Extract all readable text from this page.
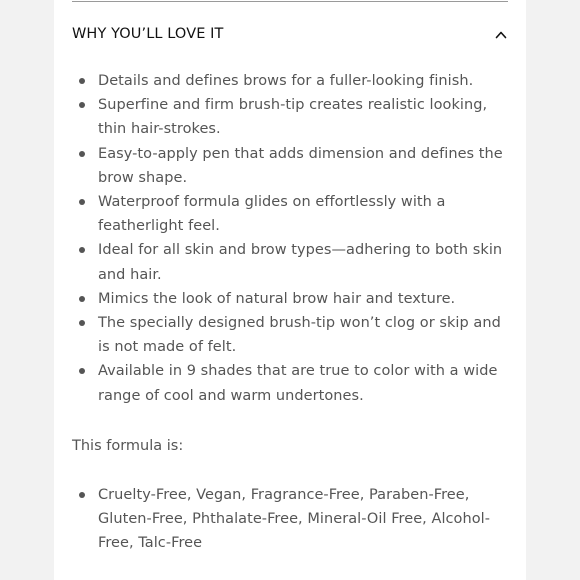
WHY YOU’LL LOVE IT
Details and defines brows for a fuller-looking finish.
Superfine and firm brush-tip creates realistic looking, thin hair-strokes.
Easy-to-apply pen that adds dimension and defines the brow shape.
Waterproof formula glides on effortlessly with a featherlight feel.
Ideal for all skin and brow types—adhering to both skin and hair.
Mimics the look of natural brow hair and texture.
The specially designed brush-tip won’t clog or skip and is not made of felt.
Available in 9 shades that are true to color with a wide range of cool and warm undertones.
This formula is:
Cruelty-Free, Vegan, Fragrance-Free, Paraben-Free, Gluten-Free, Phthalate-Free, Mineral-Oil Free, Alcohol-Free, Talc-Free
